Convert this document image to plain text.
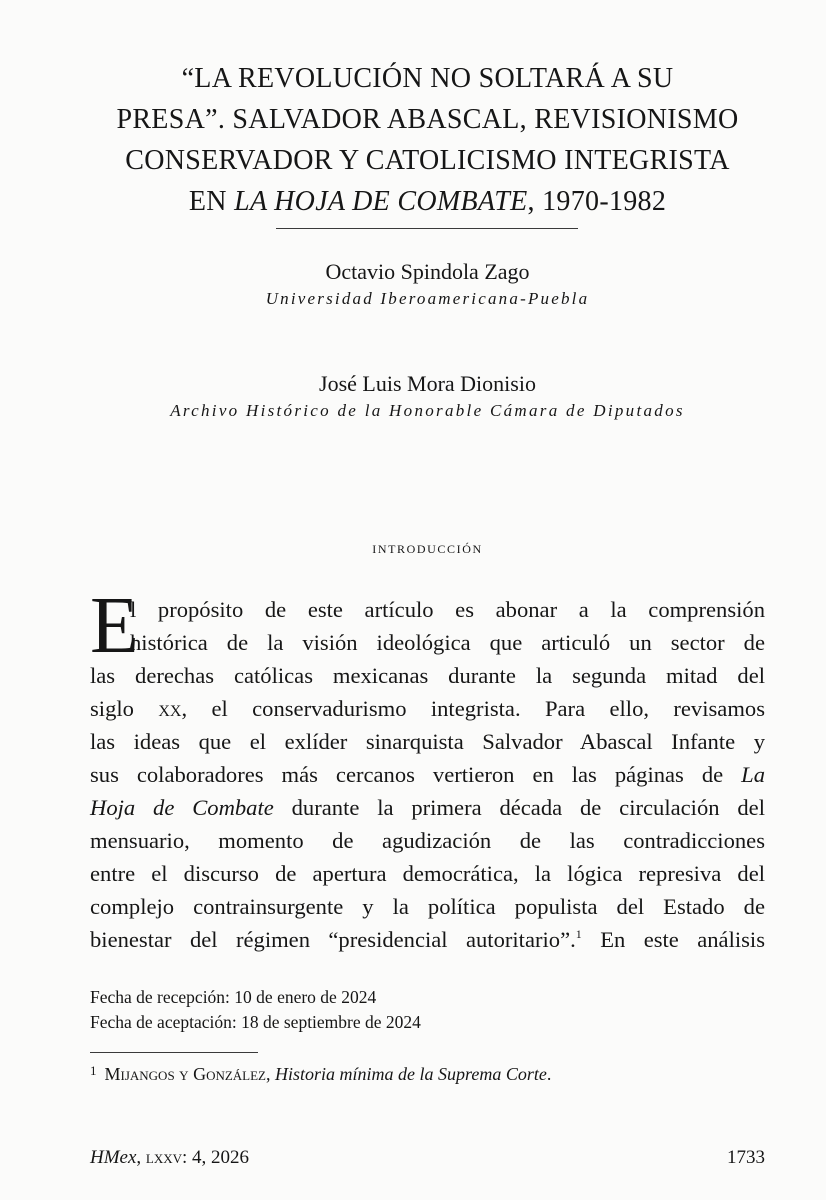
“LA REVOLUCIÓN NO SOLTARÁ A SU
PRESA”. SALVADOR ABASCAL, REVISIONISMO
CONSERVADOR Y CATOLICISMO INTEGRISTA
EN LA HOJA DE COMBATE, 1970-1982
Octavio Spindola Zago
Universidad Iberoamericana-Puebla
José Luis Mora Dionisio
Archivo Histórico de la Honorable Cámara de Diputados
introducción
E
l propósito de este artículo es abonar a la comprensión
histórica de la visión ideológica que articuló un sector de
las derechas católicas mexicanas durante la segunda mitad del
siglo xx, el conservadurismo integrista. Para ello, revisamos
las ideas que el exlíder sinarquista Salvador Abascal Infante y
sus colaboradores más cercanos vertieron en las páginas de La
Hoja de Combate durante la primera década de circulación del
mensuario, momento de agudización de las contradicciones
entre el discurso de apertura democrática, la lógica represiva del
complejo contrainsurgente y la política populista del Estado de
bienestar del régimen “presidencial autoritario”.$^1$ En este análisis
Fecha de recepción: 10 de enero de 2024
Fecha de aceptación: 18 de septiembre de 2024
$^1$ Mijangos y González, Historia mínima de la Suprema Corte.
HMex, lxxv: 4, 2026	1733
